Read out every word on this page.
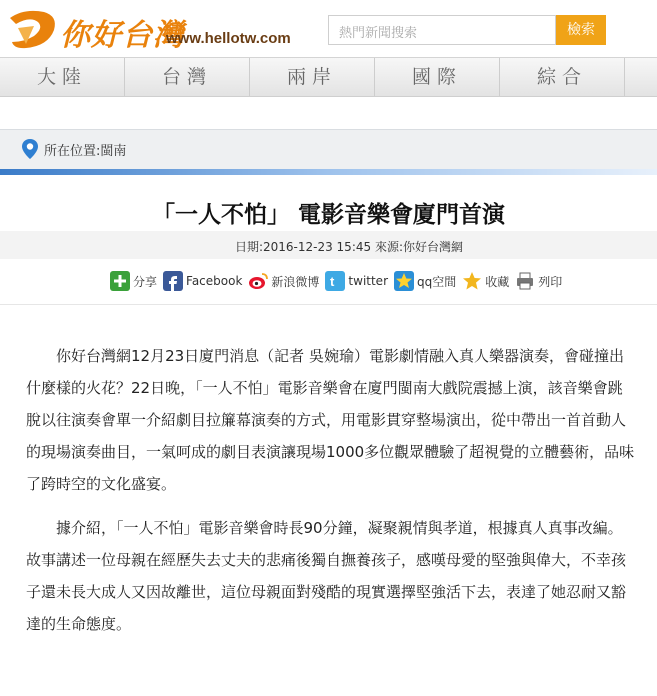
你好台灣
www.hellotw.com	熱門新聞搜索	檢索
大陸	台灣	兩岸	國際	綜合
所在位置:閩南
「一人不怕」 電影音樂會廈門首演
日期:2016-12-23 15:45 來源:你好台灣網
分享 Facebook 新浪微博 t twitter qq空間 收藏 列印

你好台灣網12月23日廈門消息（記者 吳婉瑜）電影劇情融入真人樂器演奏，會碰撞出什麼樣的火花？22日晚，「一人不怕」電影音樂會在廈門閩南大戲院震撼上演，該音樂會跳脫以往演奏會單一介紹劇目拉簾幕演奏的方式，用電影貫穿整場演出，從中帶出一首首動人的現場演奏曲目，一氣呵成的劇目表演讓現場1000多位觀眾體驗了超視覺的立體藝術，品味了跨時空的文化盛宴。

據介紹，「一人不怕」電影音樂會時長90分鐘，凝聚親情與孝道，根據真人真事改編。故事講述一位母親在經歷失去丈夫的悲痛後獨自撫養孩子，感嘆母愛的堅強與偉大，不幸孩子還未長大成人又因故離世，這位母親面對殘酷的現實選擇堅強活下去，表達了她忍耐又豁達的生命態度。
